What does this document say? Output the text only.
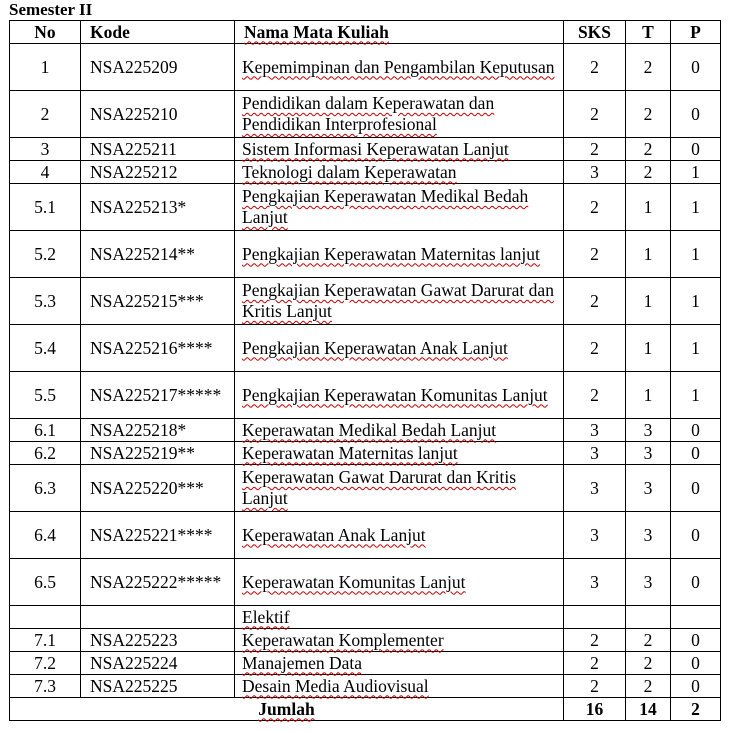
Semester II
No	Kode	Nama Mata Kuliah	SKS	T	P
1	NSA225209	Kepemimpinan dan Pengambilan Keputusan	2	2	0
2	NSA225210	Pendidikan dalam Keperawatan dan Pendidikan Interprofesional	2	2	0
3	NSA225211	Sistem Informasi Keperawatan Lanjut	2	2	0
4	NSA225212	Teknologi dalam Keperawatan	3	2	1
5.1	NSA225213*	Pengkajian Keperawatan Medikal Bedah Lanjut	2	1	1
5.2	NSA225214**	Pengkajian Keperawatan Maternitas lanjut	2	1	1
5.3	NSA225215***	Pengkajian Keperawatan Gawat Darurat dan Kritis Lanjut	2	1	1
5.4	NSA225216****	Pengkajian Keperawatan Anak Lanjut	2	1	1
5.5	NSA225217*****	Pengkajian Keperawatan Komunitas Lanjut	2	1	1
6.1	NSA225218*	Keperawatan Medikal Bedah Lanjut	3	3	0
6.2	NSA225219**	Keperawatan Maternitas lanjut	3	3	0
6.3	NSA225220***	Keperawatan Gawat Darurat dan Kritis Lanjut	3	3	0
6.4	NSA225221****	Keperawatan Anak Lanjut	3	3	0
6.5	NSA225222*****	Keperawatan Komunitas Lanjut	3	3	0
		Elektif			
7.1	NSA225223	Keperawatan Komplementer	2	2	0
7.2	NSA225224	Manajemen Data	2	2	0
7.3	NSA225225	Desain Media Audiovisual	2	2	0
Jumlah			16	14	2
